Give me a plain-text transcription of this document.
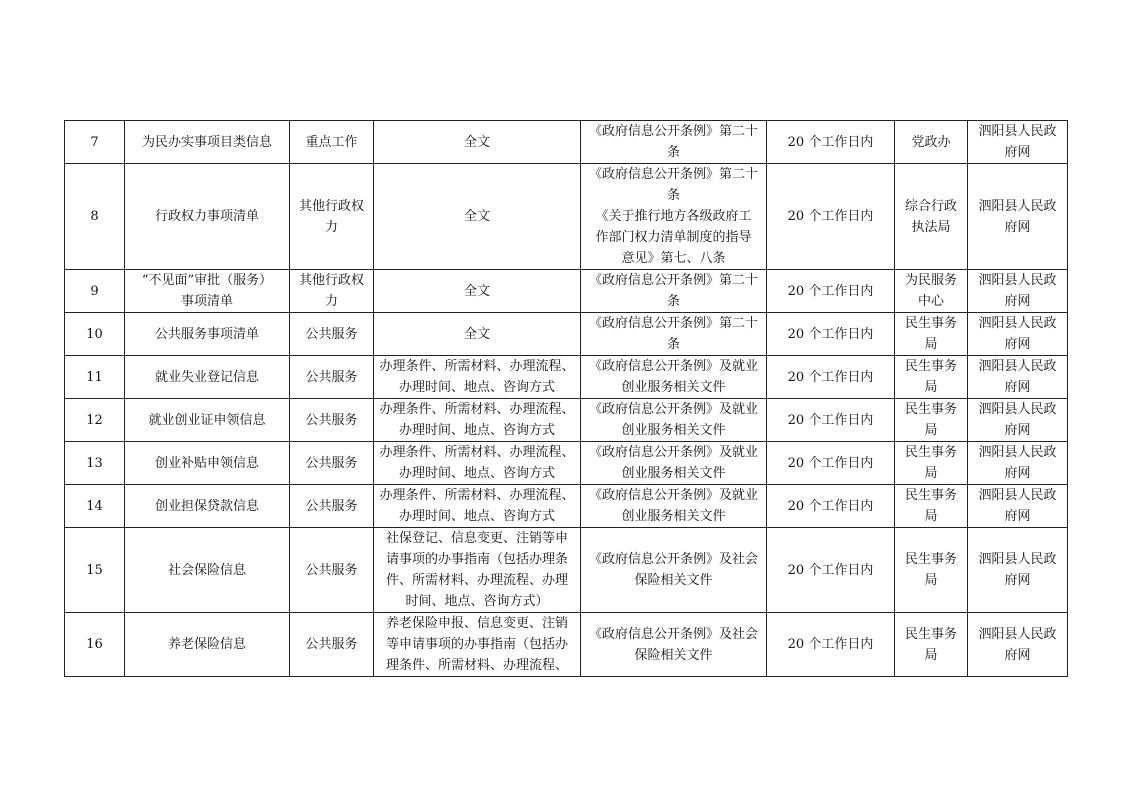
7	为民办实事项目类信息	重点工作	全文	《政府信息公开条例》第二十
条	20 个工作日内	党政办	泗阳县人民政
府网

8	行政权力事项清单	其他行政权
力	全文	《政府信息公开条例》第二十
条
《关于推行地方各级政府工
作部门权力清单制度的指导
意见》第七、八条	20 个工作日内	综合行政
执法局	泗阳县人民政
府网

9	“不见面”审批（服务）
事项清单	其他行政权
力	全文	《政府信息公开条例》第二十
条	20 个工作日内	为民服务
中心	泗阳县人民政
府网

10	公共服务事项清单	公共服务	全文	《政府信息公开条例》第二十
条	20 个工作日内	民生事务
局	泗阳县人民政
府网

11	就业失业登记信息	公共服务	办理条件、所需材料、办理流程、
办理时间、地点、咨询方式	《政府信息公开条例》及就业
创业服务相关文件	20 个工作日内	民生事务
局	泗阳县人民政
府网

12	就业创业证申领信息	公共服务	办理条件、所需材料、办理流程、
办理时间、地点、咨询方式	《政府信息公开条例》及就业
创业服务相关文件	20 个工作日内	民生事务
局	泗阳县人民政
府网

13	创业补贴申领信息	公共服务	办理条件、所需材料、办理流程、
办理时间、地点、咨询方式	《政府信息公开条例》及就业
创业服务相关文件	20 个工作日内	民生事务
局	泗阳县人民政
府网

14	创业担保贷款信息	公共服务	办理条件、所需材料、办理流程、
办理时间、地点、咨询方式	《政府信息公开条例》及就业
创业服务相关文件	20 个工作日内	民生事务
局	泗阳县人民政
府网

15	社会保险信息	公共服务	社保登记、信息变更、注销等申
请事项的办事指南（包括办理条
件、所需材料、办理流程、办理
时间、地点、咨询方式）	《政府信息公开条例》及社会
保险相关文件	20 个工作日内	民生事务
局	泗阳县人民政
府网

16	养老保险信息	公共服务	养老保险申报、信息变更、注销
等申请事项的办事指南（包括办
理条件、所需材料、办理流程、	《政府信息公开条例》及社会
保险相关文件	20 个工作日内	民生事务
局	泗阳县人民政
府网
